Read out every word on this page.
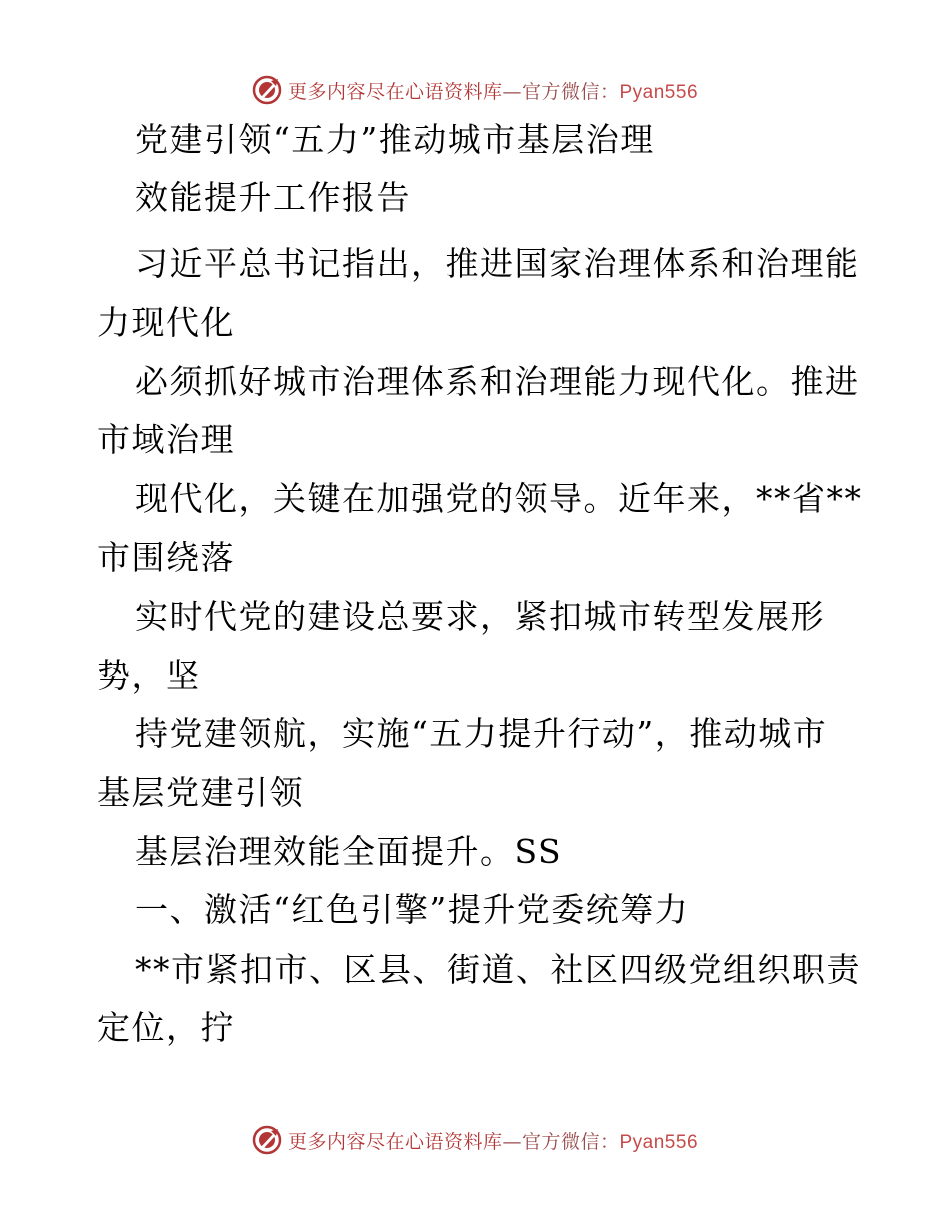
更多内容尽在心语资料库—官方微信：Pyan556
党建引领“五力”推动城市基层治理
效能提升工作报告
习近平总书记指出，推进国家治理体系和治理能
力现代化
必须抓好城市治理体系和治理能力现代化。推进
市域治理
现代化，关键在加强党的领导。近年来，**省**
市围绕落
实时代党的建设总要求，紧扣城市转型发展形
势，坚
持党建领航，实施“五力提升行动”，推动城市
基层党建引领
基层治理效能全面提升。SS
一、激活“红色引擎”提升党委统筹力
**市紧扣市、区县、街道、社区四级党组织职责
定位，拧
更多内容尽在心语资料库—官方微信：Pyan556
